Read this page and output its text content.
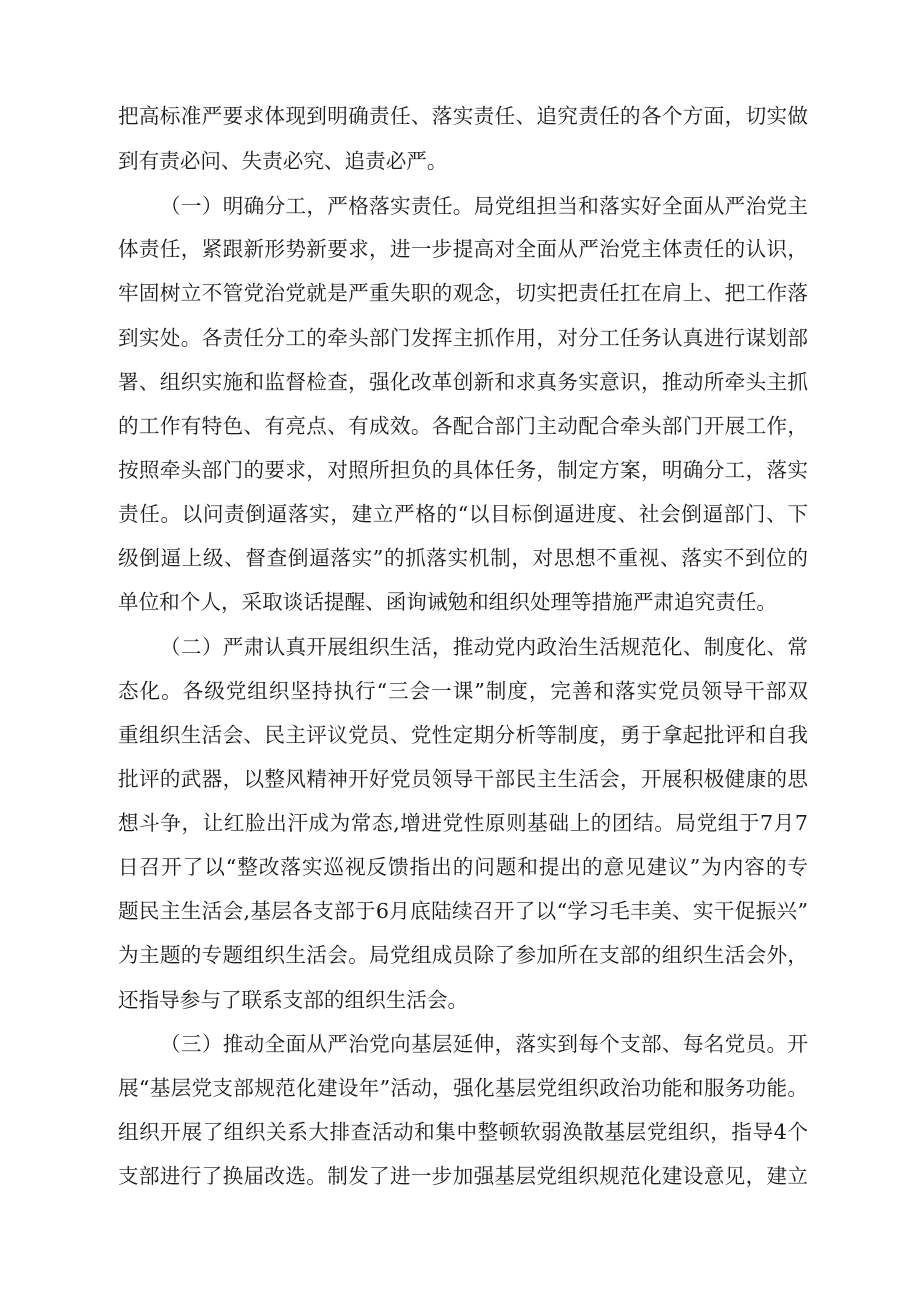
把高标准严要求体现到明确责任、落实责任、追究责任的各个方面，切实做
到有责必问、失责必究、追责必严。
（一）明确分工，严格落实责任。局党组担当和落实好全面从严治党主
体责任，紧跟新形势新要求，进一步提高对全面从严治党主体责任的认识，
牢固树立不管党治党就是严重失职的观念，切实把责任扛在肩上、把工作落
到实处。各责任分工的牵头部门发挥主抓作用，对分工任务认真进行谋划部
署、组织实施和监督检查，强化改革创新和求真务实意识，推动所牵头主抓
的工作有特色、有亮点、有成效。各配合部门主动配合牵头部门开展工作，
按照牵头部门的要求，对照所担负的具体任务，制定方案，明确分工，落实
责任。以问责倒逼落实，建立严格的“以目标倒逼进度、社会倒逼部门、下
级倒逼上级、督查倒逼落实”的抓落实机制，对思想不重视、落实不到位的
单位和个人，采取谈话提醒、函询诫勉和组织处理等措施严肃追究责任。
（二）严肃认真开展组织生活，推动党内政治生活规范化、制度化、常
态化。各级党组织坚持执行“三会一课”制度，完善和落实党员领导干部双
重组织生活会、民主评议党员、党性定期分析等制度，勇于拿起批评和自我
批评的武器，以整风精神开好党员领导干部民主生活会，开展积极健康的思
想斗争，让红脸出汗成为常态,增进党性原则基础上的团结。局党组于7月7
日召开了以“整改落实巡视反馈指出的问题和提出的意见建议”为内容的专
题民主生活会,基层各支部于6月底陆续召开了以“学习毛丰美、实干促振兴”
为主题的专题组织生活会。局党组成员除了参加所在支部的组织生活会外，
还指导参与了联系支部的组织生活会。
（三）推动全面从严治党向基层延伸，落实到每个支部、每名党员。开
展“基层党支部规范化建设年”活动，强化基层党组织政治功能和服务功能。
组织开展了组织关系大排查活动和集中整顿软弱涣散基层党组织，指导4个
支部进行了换届改选。制发了进一步加强基层党组织规范化建设意见，建立
